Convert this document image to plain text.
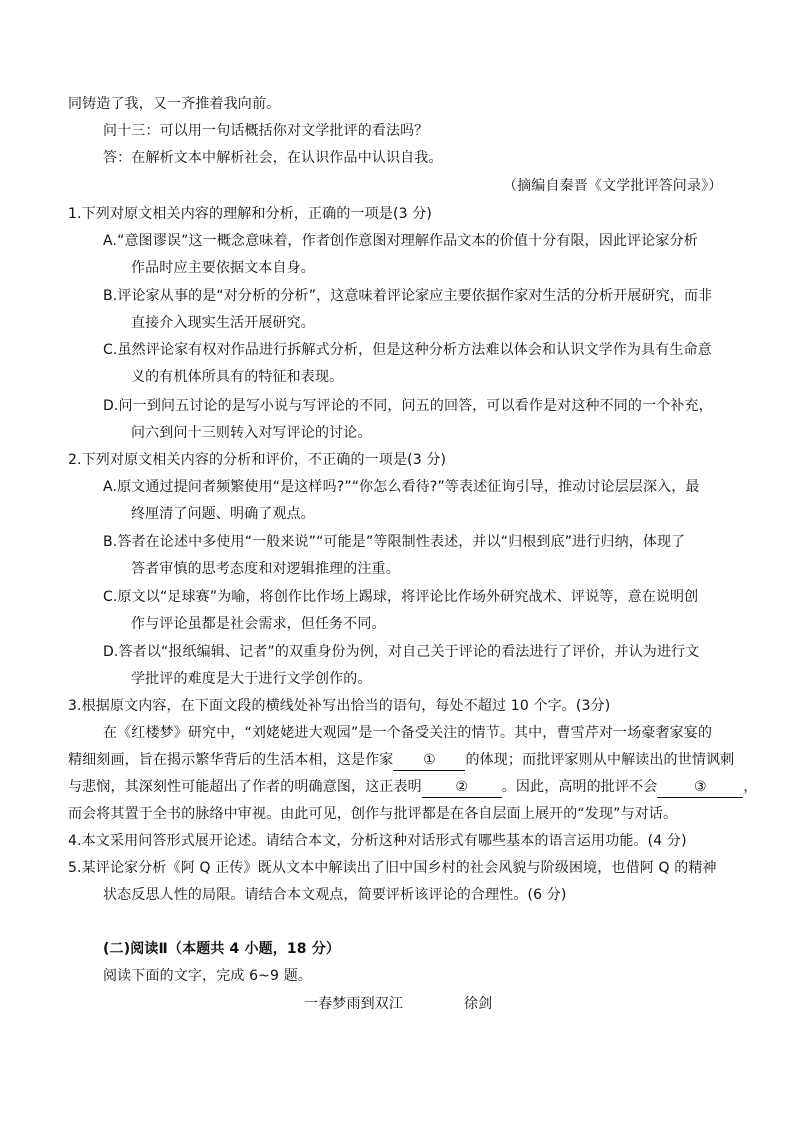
同铸造了我，又一齐推着我向前。
问十三：可以用一句话概括你对文学批评的看法吗？
答：在解析文本中解析社会，在认识作品中认识自我。
（摘编自秦晋《文学批评答问录》）
1.下列对原文相关内容的理解和分析，正确的一项是(3 分)
A.“意图谬误”这一概念意味着，作者创作意图对理解作品文本的价值十分有限，因此评论家分析
作品时应主要依据文本自身。
B.评论家从事的是“对分析的分析”，这意味着评论家应主要依据作家对生活的分析开展研究，而非
直接介入现实生活开展研究。
C.虽然评论家有权对作品进行拆解式分析，但是这种分析方法难以体会和认识文学作为具有生命意
义的有机体所具有的特征和表现。
D.问一到问五讨论的是写小说与写评论的不同，问五的回答，可以看作是对这种不同的一个补充，
问六到问十三则转入对写评论的讨论。
2.下列对原文相关内容的分析和评价，不正确的一项是(3 分)
A.原文通过提问者频繁使用“是这样吗?”“你怎么看待?”等表述征询引导，推动讨论层层深入，最
终厘清了问题、明确了观点。
B.答者在论述中多使用“一般来说”“可能是”等限制性表述，并以“归根到底”进行归纳，体现了
答者审慎的思考态度和对逻辑推理的注重。
C.原文以“足球赛”为喻，将创作比作场上踢球，将评论比作场外研究战术、评说等，意在说明创
作与评论虽都是社会需求，但任务不同。
D.答者以“报纸编辑、记者”的双重身份为例，对自己关于评论的看法进行了评价，并认为进行文
学批评的难度是大于进行文学创作的。
3.根据原文内容，在下面文段的横线处补写出恰当的语句，每处不超过 10 个字。(3分)
在《红楼梦》研究中，“刘姥姥进大观园”是一个备受关注的情节。其中，曹雪芹对一场豪奢家宴的
精细刻画，旨在揭示繁华背后的生活本相，这是作家 ① 的体现；而批评家则从中解读出的世情讽刺
与悲悯，其深刻性可能超出了作者的明确意图，这正表明 ② 。因此，高明的批评不会	③	，
而会将其置于全书的脉络中审视。由此可见，创作与批评都是在各自层面上展开的“发现”与对话。
4.本文采用问答形式展开论述。请结合本文，分析这种对话形式有哪些基本的语言运用功能。(4 分)
5.某评论家分析《阿 Q 正传》既从文本中解读出了旧中国乡村的社会风貌与阶级困境，也借阿 Q 的精神
状态反思人性的局限。请结合本文观点，简要评析该评论的合理性。(6 分)
(二)阅读Ⅱ（本题共 4 小题，18 分）
阅读下面的文字，完成 6~9 题。
一春梦雨到双江	徐剑
